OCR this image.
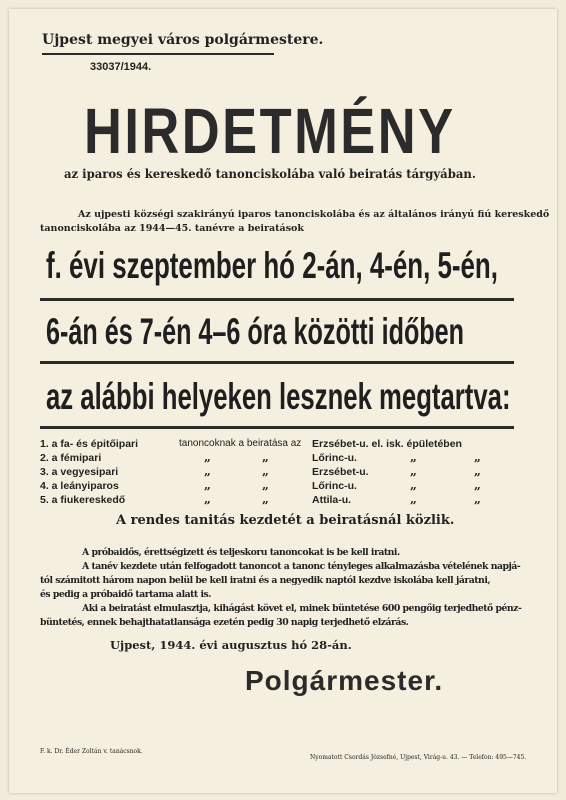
Ujpest megyei város polgármestere.
33037/1944.
HIRDETMÉNY
az iparos és kereskedő tanonciskolába való beiratás tárgyában.
Az ujpesti községi szakirányú iparos tanonciskolába és az általános irányú fiú kereskedő
tanonciskolába az 1944—45. tanévre a beiratások
f. évi szeptember hó 2-án, 4-én, 5-én,
6-án és 7-én 4–6 óra közötti időben
az alábbi helyeken lesznek megtartva:
1. a fa- és épitőipari	tanoncoknak a beiratása az Erzsébet-u. el. isk. épületében
2. a fémipari	„	„	Lőrinc-u.	„	„
3. a vegyesipari	„	„	Erzsébet-u.	„	„
4. a leányiparos	„	„	Lőrinc-u.	„	„
5. a fiukereskedő	„	„	Attila-u.	„	„
A rendes tanitás kezdetét a beiratásnál közlik.
A próbaidős, érettségizett és teljeskoru tanoncokat is be kell iratni.
A tanév kezdete után felfogadott tanoncot a tanonc tényleges alkalmazásba vételének napjá-
tól számitott három napon belül be kell iratni és a negyedik naptól kezdve iskolába kell járatni,
és pedig a próbaidő tartama alatt is.
Aki a beiratást elmulasztja, kihágást követ el, minek büntetése 600 pengőig terjedhető pénz-
büntetés, ennek behajthatatlansága ezetén pedig 30 napig terjedhető elzárás.
Ujpest, 1944. évi augusztus hó 28-án.
Polgármester.
F. k. Dr. Éder Zoltán v. tanácsnok.
Nyomatott Csordás Józsefné, Ujpest, Virág-u. 43. — Telefon: 495—745.
